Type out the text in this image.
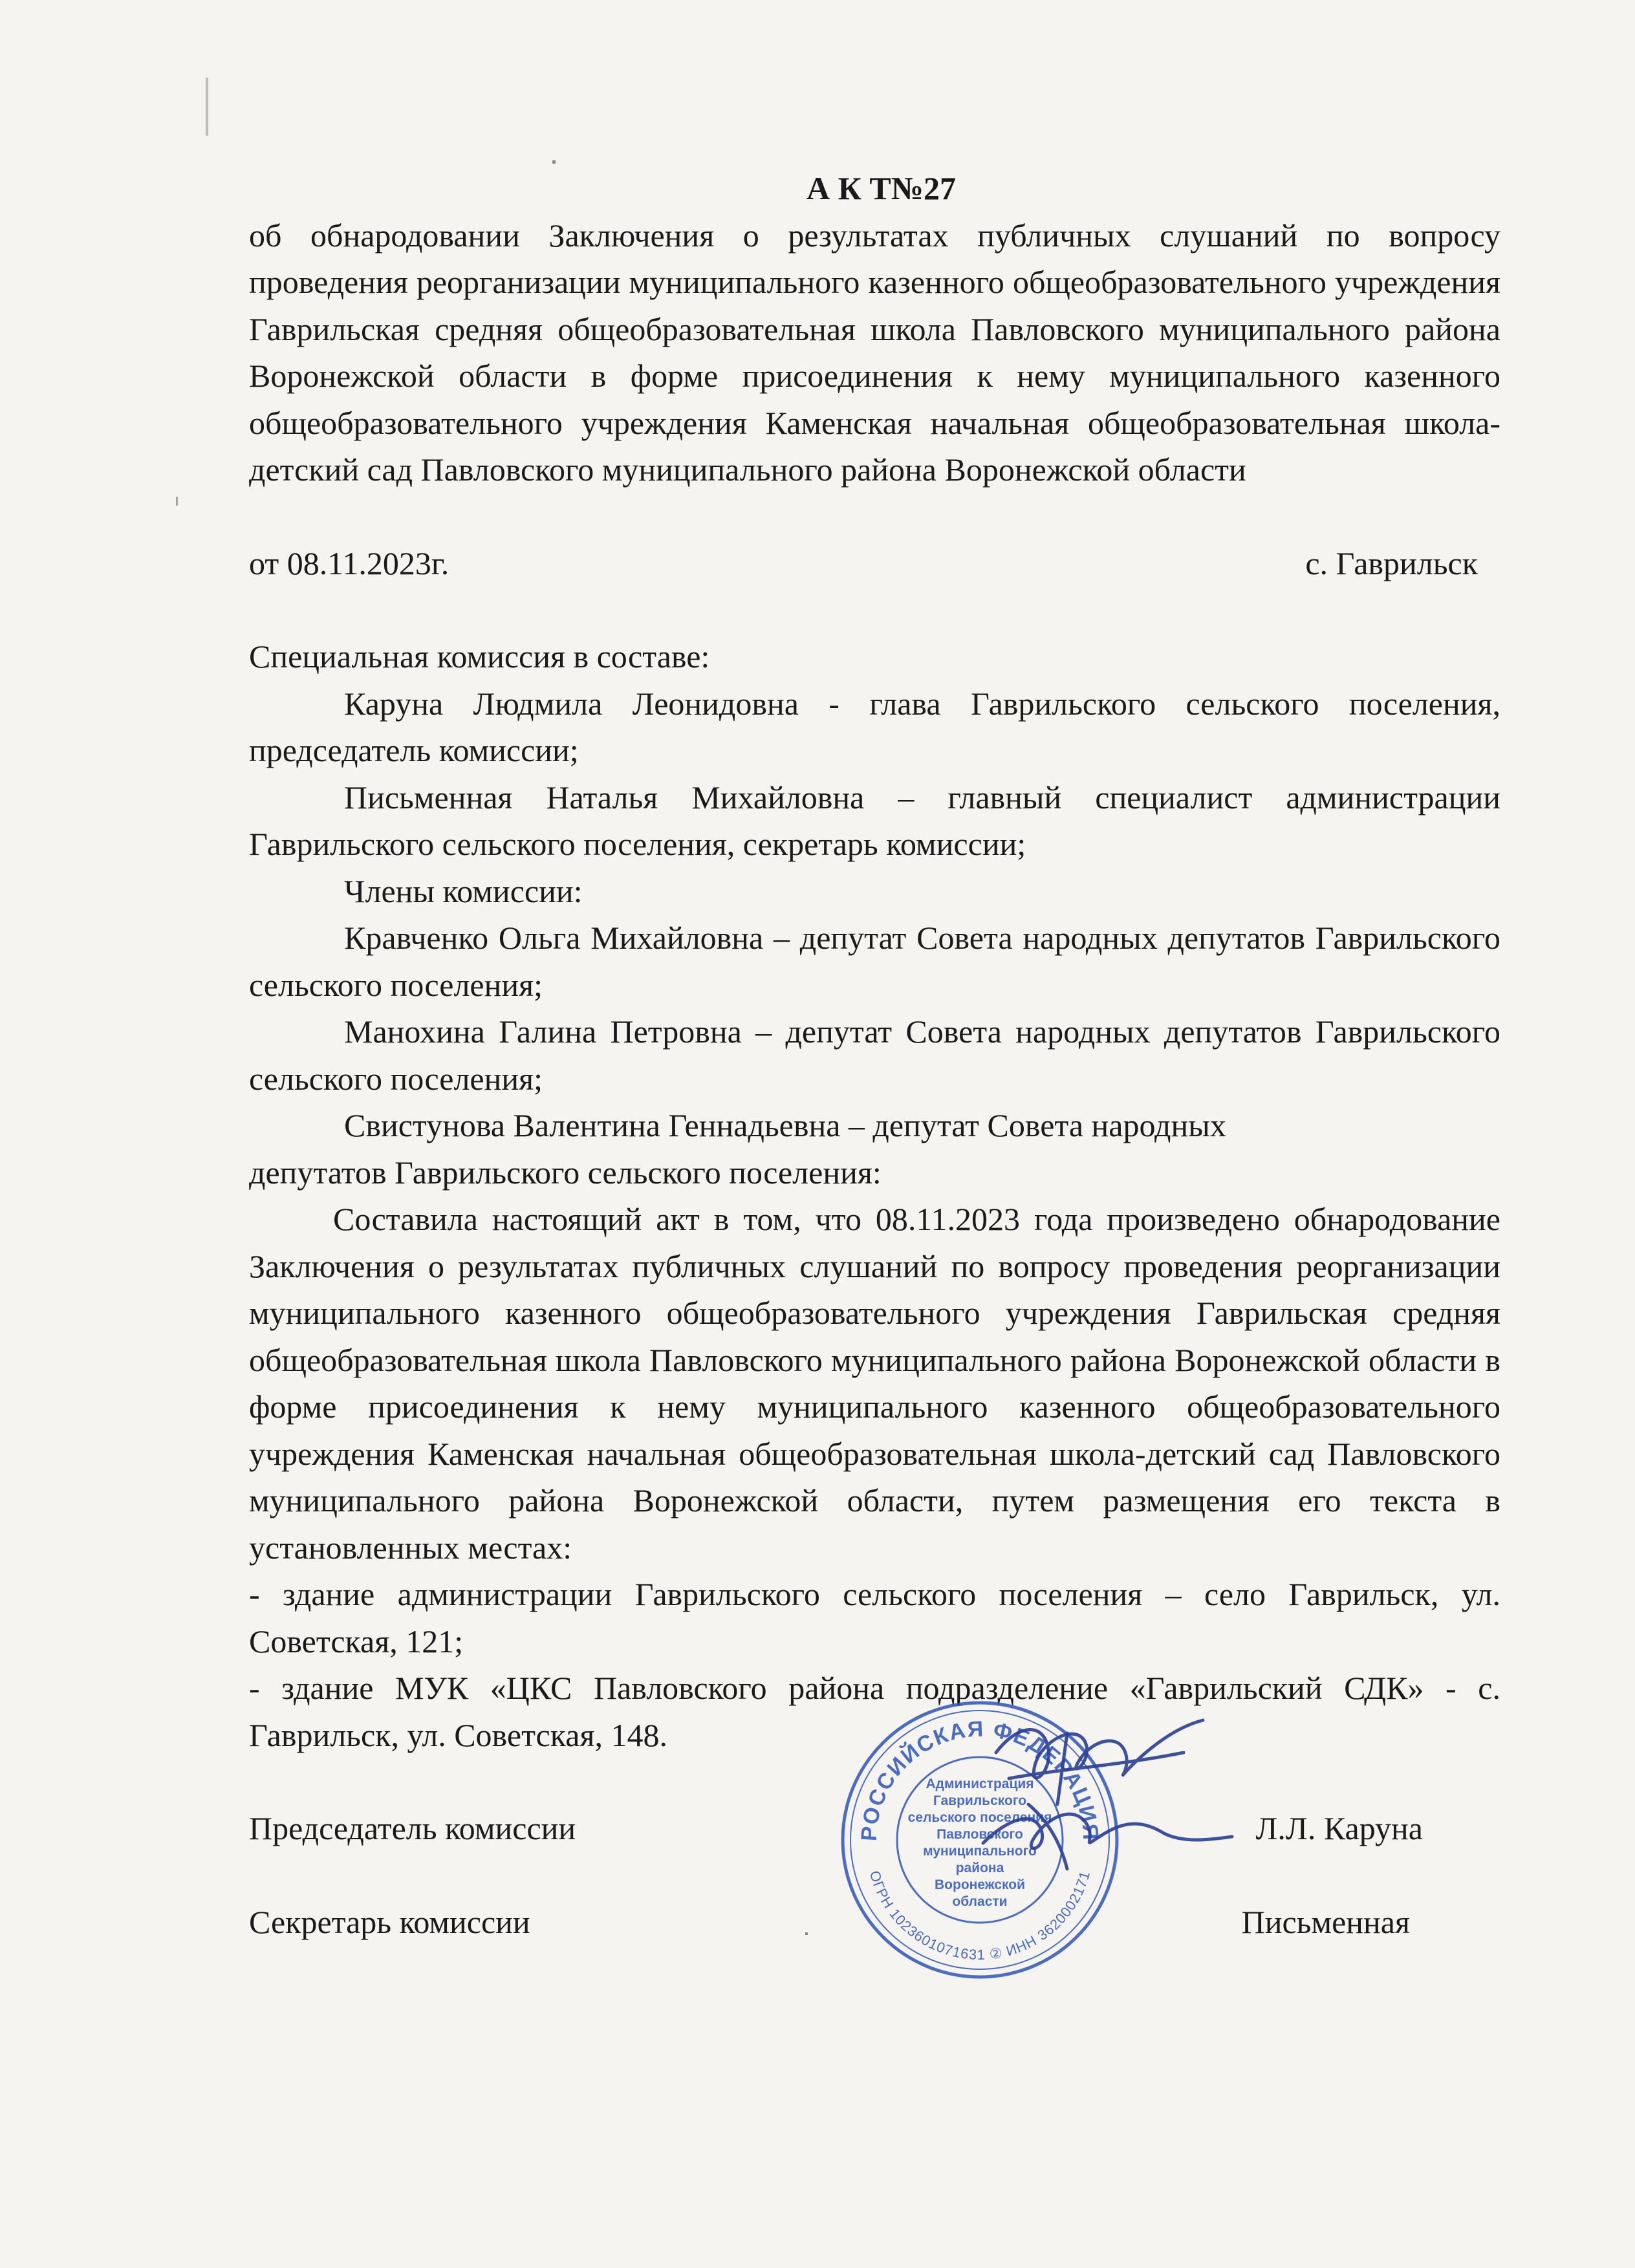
А К Т№27

об обнародовании Заключения о результатах публичных слушаний по вопросу

проведения реорганизации муниципального казенного общеобразовательного учреждения Гаврильская средняя общеобразовательная школа Павловского муниципального района Воронежской области в форме присоединения к нему муниципального казенного общеобразовательного учреждения Каменская начальная общеобразовательная школа-детский сад Павловского муниципального района Воронежской области

от 08.11.2023г.	с. Гаврильск

Специальная комиссия в составе:

Каруна Людмила Леонидовна - глава Гаврильского сельского поселения, председатель комиссии;

Письменная Наталья Михайловна – главный специалист администрации Гаврильского сельского поселения, секретарь комиссии;

Члены комиссии:

Кравченко Ольга Михайловна – депутат Совета народных депутатов Гаврильского сельского поселения;

Манохина Галина Петровна – депутат Совета народных депутатов Гаврильского сельского поселения;

Свистунова Валентина Геннадьевна – депутат Совета народных

депутатов Гаврильского сельского поселения:

Составила настоящий акт в том, что 08.11.2023 года произведено обнародование Заключения о результатах публичных слушаний по вопросу проведения реорганизации муниципального казенного общеобразовательного учреждения Гаврильская средняя общеобразовательная школа Павловского муниципального района Воронежской области в форме присоединения к нему муниципального казенного общеобразовательного учреждения Каменская начальная общеобразовательная школа-детский сад Павловского муниципального района Воронежской области, путем размещения его текста в установленных местах:

- здание администрации Гаврильского сельского поселения – село Гаврильск, ул. Советская, 121;

- здание МУК «ЦКС Павловского района подразделение «Гаврильский СДК» - с. Гаврильск, ул. Советская, 148.

Председатель комиссии	Л.Л. Каруна
Секретарь комиссии	Письменная
РОССИЙСКАЯ ФЕДЕРАЦИЯ
ОГРН 1023601071631 ② ИНН 3620002171
Администрация
Гаврильского
сельского поселения
Павловского
муниципального
района
Воронежской
области
